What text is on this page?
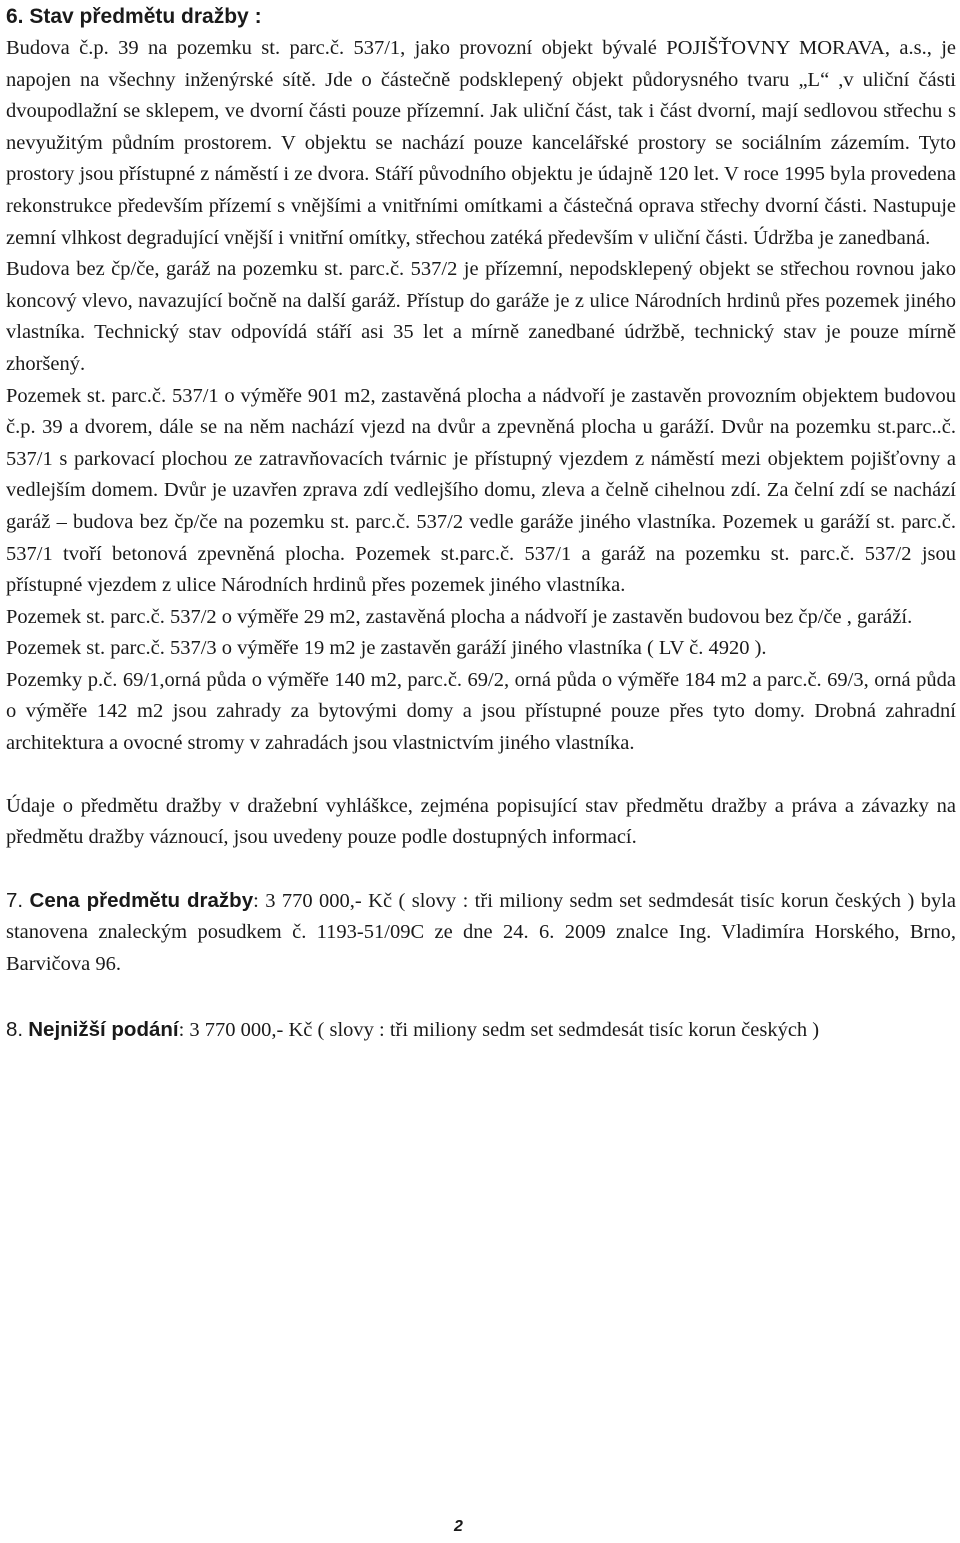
6. Stav předmětu dražby :

Budova č.p. 39 na pozemku st. parc.č. 537/1, jako provozní objekt bývalé POJIŠŤOVNY MORAVA, a.s., je napojen na všechny inženýrské sítě. Jde o částečně podsklepený objekt půdorysného tvaru „L“ ,v uliční části dvoupodlažní se sklepem, ve dvorní části pouze přízemní. Jak uliční část, tak i část dvorní, mají sedlovou střechu s nevyužitým půdním prostorem. V objektu se nachází pouze kancelářské prostory se sociálním zázemím. Tyto prostory jsou přístupné z náměstí i ze dvora. Stáří původního objektu je údajně 120 let. V roce 1995 byla provedena rekonstrukce především přízemí s vnějšími a vnitřními omítkami a částečná oprava střechy dvorní části. Nastupuje zemní vlhkost degradující vnější i vnitřní omítky, střechou zatéká především v uliční části. Údržba je zanedbaná.

Budova bez čp/če, garáž na pozemku st. parc.č. 537/2 je přízemní, nepodsklepený objekt se střechou rovnou jako koncový vlevo, navazující bočně na další garáž. Přístup do garáže je z ulice Národních hrdinů přes pozemek jiného vlastníka. Technický stav odpovídá stáří asi 35 let a mírně zanedbané údržbě, technický stav je pouze mírně zhoršený.

Pozemek st. parc.č. 537/1 o výměře 901 m2, zastavěná plocha a nádvoří je zastavěn provozním objektem budovou č.p. 39 a dvorem, dále se na něm nachází vjezd na dvůr a zpevněná plocha u garáží. Dvůr na pozemku st.parc..č. 537/1 s parkovací plochou ze zatravňovacích tvárnic je přístupný vjezdem z náměstí mezi objektem pojišťovny a vedlejším domem. Dvůr je uzavřen zprava zdí vedlejšího domu, zleva a čelně cihelnou zdí. Za čelní zdí se nachází garáž – budova bez čp/če na pozemku st. parc.č. 537/2 vedle garáže jiného vlastníka. Pozemek u garáží st. parc.č. 537/1 tvoří betonová zpevněná plocha. Pozemek st.parc.č. 537/1 a garáž na pozemku st. parc.č. 537/2 jsou přístupné vjezdem z ulice Národních hrdinů přes pozemek jiného vlastníka.

Pozemek st. parc.č. 537/2 o výměře 29 m2, zastavěná plocha a nádvoří je zastavěn budovou bez čp/če , garáží.

Pozemek st. parc.č. 537/3 o výměře 19 m2 je zastavěn garáží jiného vlastníka ( LV č. 4920 ).

Pozemky p.č. 69/1,orná půda o výměře 140 m2, parc.č. 69/2, orná půda o výměře 184 m2 a parc.č. 69/3, orná půda o výměře 142 m2 jsou zahrady za bytovými domy a jsou přístupné pouze přes tyto domy. Drobná zahradní architektura a ovocné stromy v zahradách jsou vlastnictvím jiného vlastníka.

Údaje o předmětu dražby v dražební vyhláškce, zejména popisující stav předmětu dražby a práva a závazky na předmětu dražby váznoucí, jsou uvedeny pouze podle dostupných informací.

7. Cena předmětu dražby: 3 770 000,- Kč ( slovy : tři miliony sedm set sedmdesát tisíc korun českých ) byla stanovena znaleckým posudkem č. 1193-51/09C ze dne 24. 6. 2009 znalce Ing. Vladimíra Horského, Brno, Barvičova 96.

8. Nejnižší podání: 3 770 000,- Kč ( slovy : tři miliony sedm set sedmdesát tisíc korun českých )

2
